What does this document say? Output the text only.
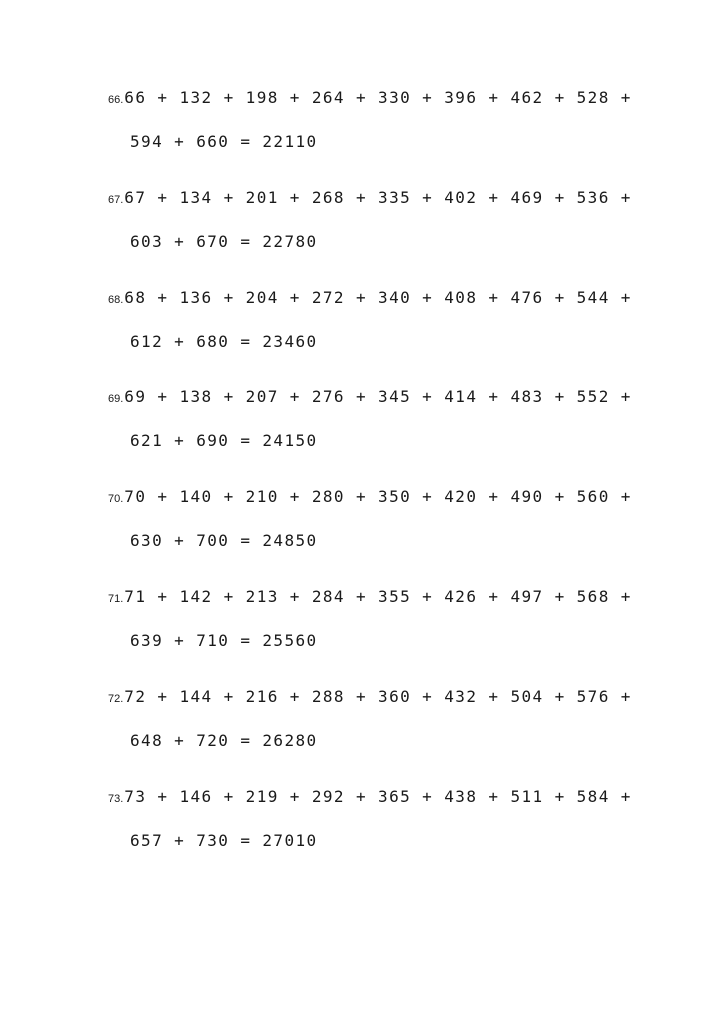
66.66 + 132 + 198 + 264 + 330 + 396 + 462 + 528 +
594 + 660 = 22110
67.67 + 134 + 201 + 268 + 335 + 402 + 469 + 536 +
603 + 670 = 22780
68.68 + 136 + 204 + 272 + 340 + 408 + 476 + 544 +
612 + 680 = 23460
69.69 + 138 + 207 + 276 + 345 + 414 + 483 + 552 +
621 + 690 = 24150
70.70 + 140 + 210 + 280 + 350 + 420 + 490 + 560 +
630 + 700 = 24850
71.71 + 142 + 213 + 284 + 355 + 426 + 497 + 568 +
639 + 710 = 25560
72.72 + 144 + 216 + 288 + 360 + 432 + 504 + 576 +
648 + 720 = 26280
73.73 + 146 + 219 + 292 + 365 + 438 + 511 + 584 +
657 + 730 = 27010
